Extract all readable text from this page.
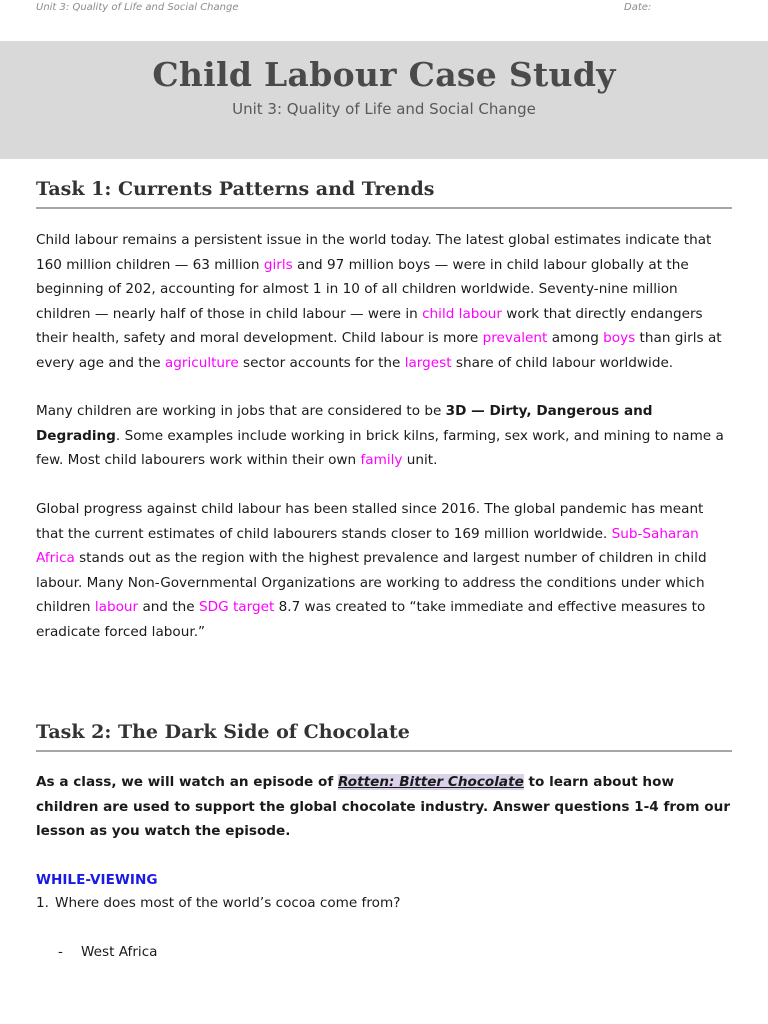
Unit 3: Quality of Life and Social Change	Date:
Child Labour Case Study
Unit 3: Quality of Life and Social Change
Task 1: Currents Patterns and Trends

Child labour remains a persistent issue in the world today. The latest global estimates indicate that 160 million children — 63 million girls and 97 million boys — were in child labour globally at the beginning of 202, accounting for almost 1 in 10 of all children worldwide. Seventy-nine million children — nearly half of those in child labour — were in child labour work that directly endangers their health, safety and moral development. Child labour is more prevalent among boys than girls at every age and the agriculture sector accounts for the largest share of child labour worldwide.

Many children are working in jobs that are considered to be 3D — Dirty, Dangerous and Degrading. Some examples include working in brick kilns, farming, sex work, and mining to name a few. Most child labourers work within their own family unit.

Global progress against child labour has been stalled since 2016. The global pandemic has meant that the current estimates of child labourers stands closer to 169 million worldwide. Sub-Saharan Africa stands out as the region with the highest prevalence and largest number of children in child labour. Many Non-Governmental Organizations are working to address the conditions under which children labour and the SDG target 8.7 was created to “take immediate and effective measures to eradicate forced labour.”

Task 2: The Dark Side of Chocolate

As a class, we will watch an episode of Rotten: Bitter Chocolate to learn about how children are used to support the global chocolate industry. Answer questions 1-4 from our lesson as you watch the episode.

WHILE-VIEWING
1. Where does most of the world’s cocoa come from?
- West Africa
